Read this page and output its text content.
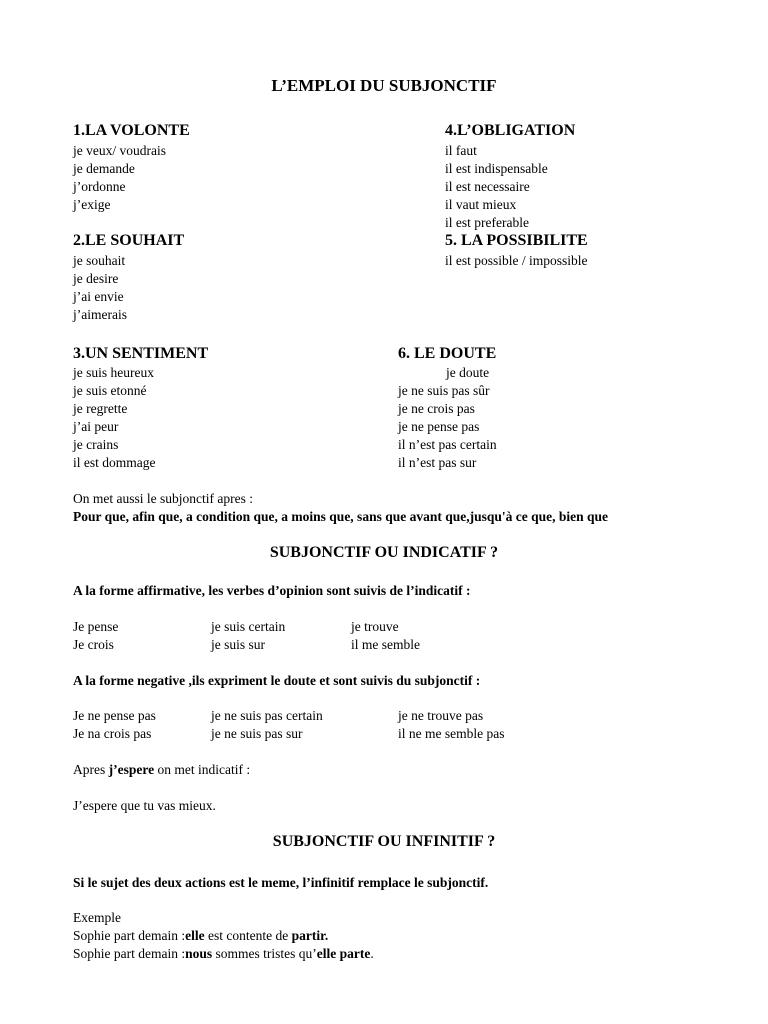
L’EMPLOI DU SUBJONCTIF
1.LA VOLONTE
je veux/ voudrais
je demande
j’ordonne
j’exige
4.L’OBLIGATION
il faut
il est indispensable
il est necessaire
il vaut mieux
il est preferable
2.LE SOUHAIT
je souhait
je desire
j’ai envie
j’aimerais
5. LA POSSIBILITE
il est possible / impossible
3.UN SENTIMENT
je suis heureux
je suis etonné
je regrette
j’ai peur
je crains
il est dommage
6. LE DOUTE
je doute
je ne suis pas sûr
je ne crois pas
je ne pense pas
il n’est pas certain
il n’est pas sur
On met aussi le subjonctif apres :
Pour que, afin que, a condition que, a moins que, sans que avant que,jusqu'à ce que, bien que
SUBJONCTIF OU INDICATIF ?
A la forme affirmative, les verbes d’opinion sont suivis de l’indicatif :
Je pense	je suis certain	je trouve
Je crois	je suis sur	il me semble
A la forme negative ,ils expriment le doute et sont suivis du subjonctif :
Je ne pense pas	je ne suis pas certain	je ne trouve pas
Je na crois pas	je ne suis pas sur	il ne me semble pas
Apres j’espere on met indicatif :
J’espere que tu vas mieux.
SUBJONCTIF OU INFINITIF ?
Si le sujet des deux actions est le meme, l’infinitif remplace le subjonctif.
Exemple
Sophie part demain :elle est contente de partir.
Sophie part demain :nous sommes tristes qu’elle parte.
